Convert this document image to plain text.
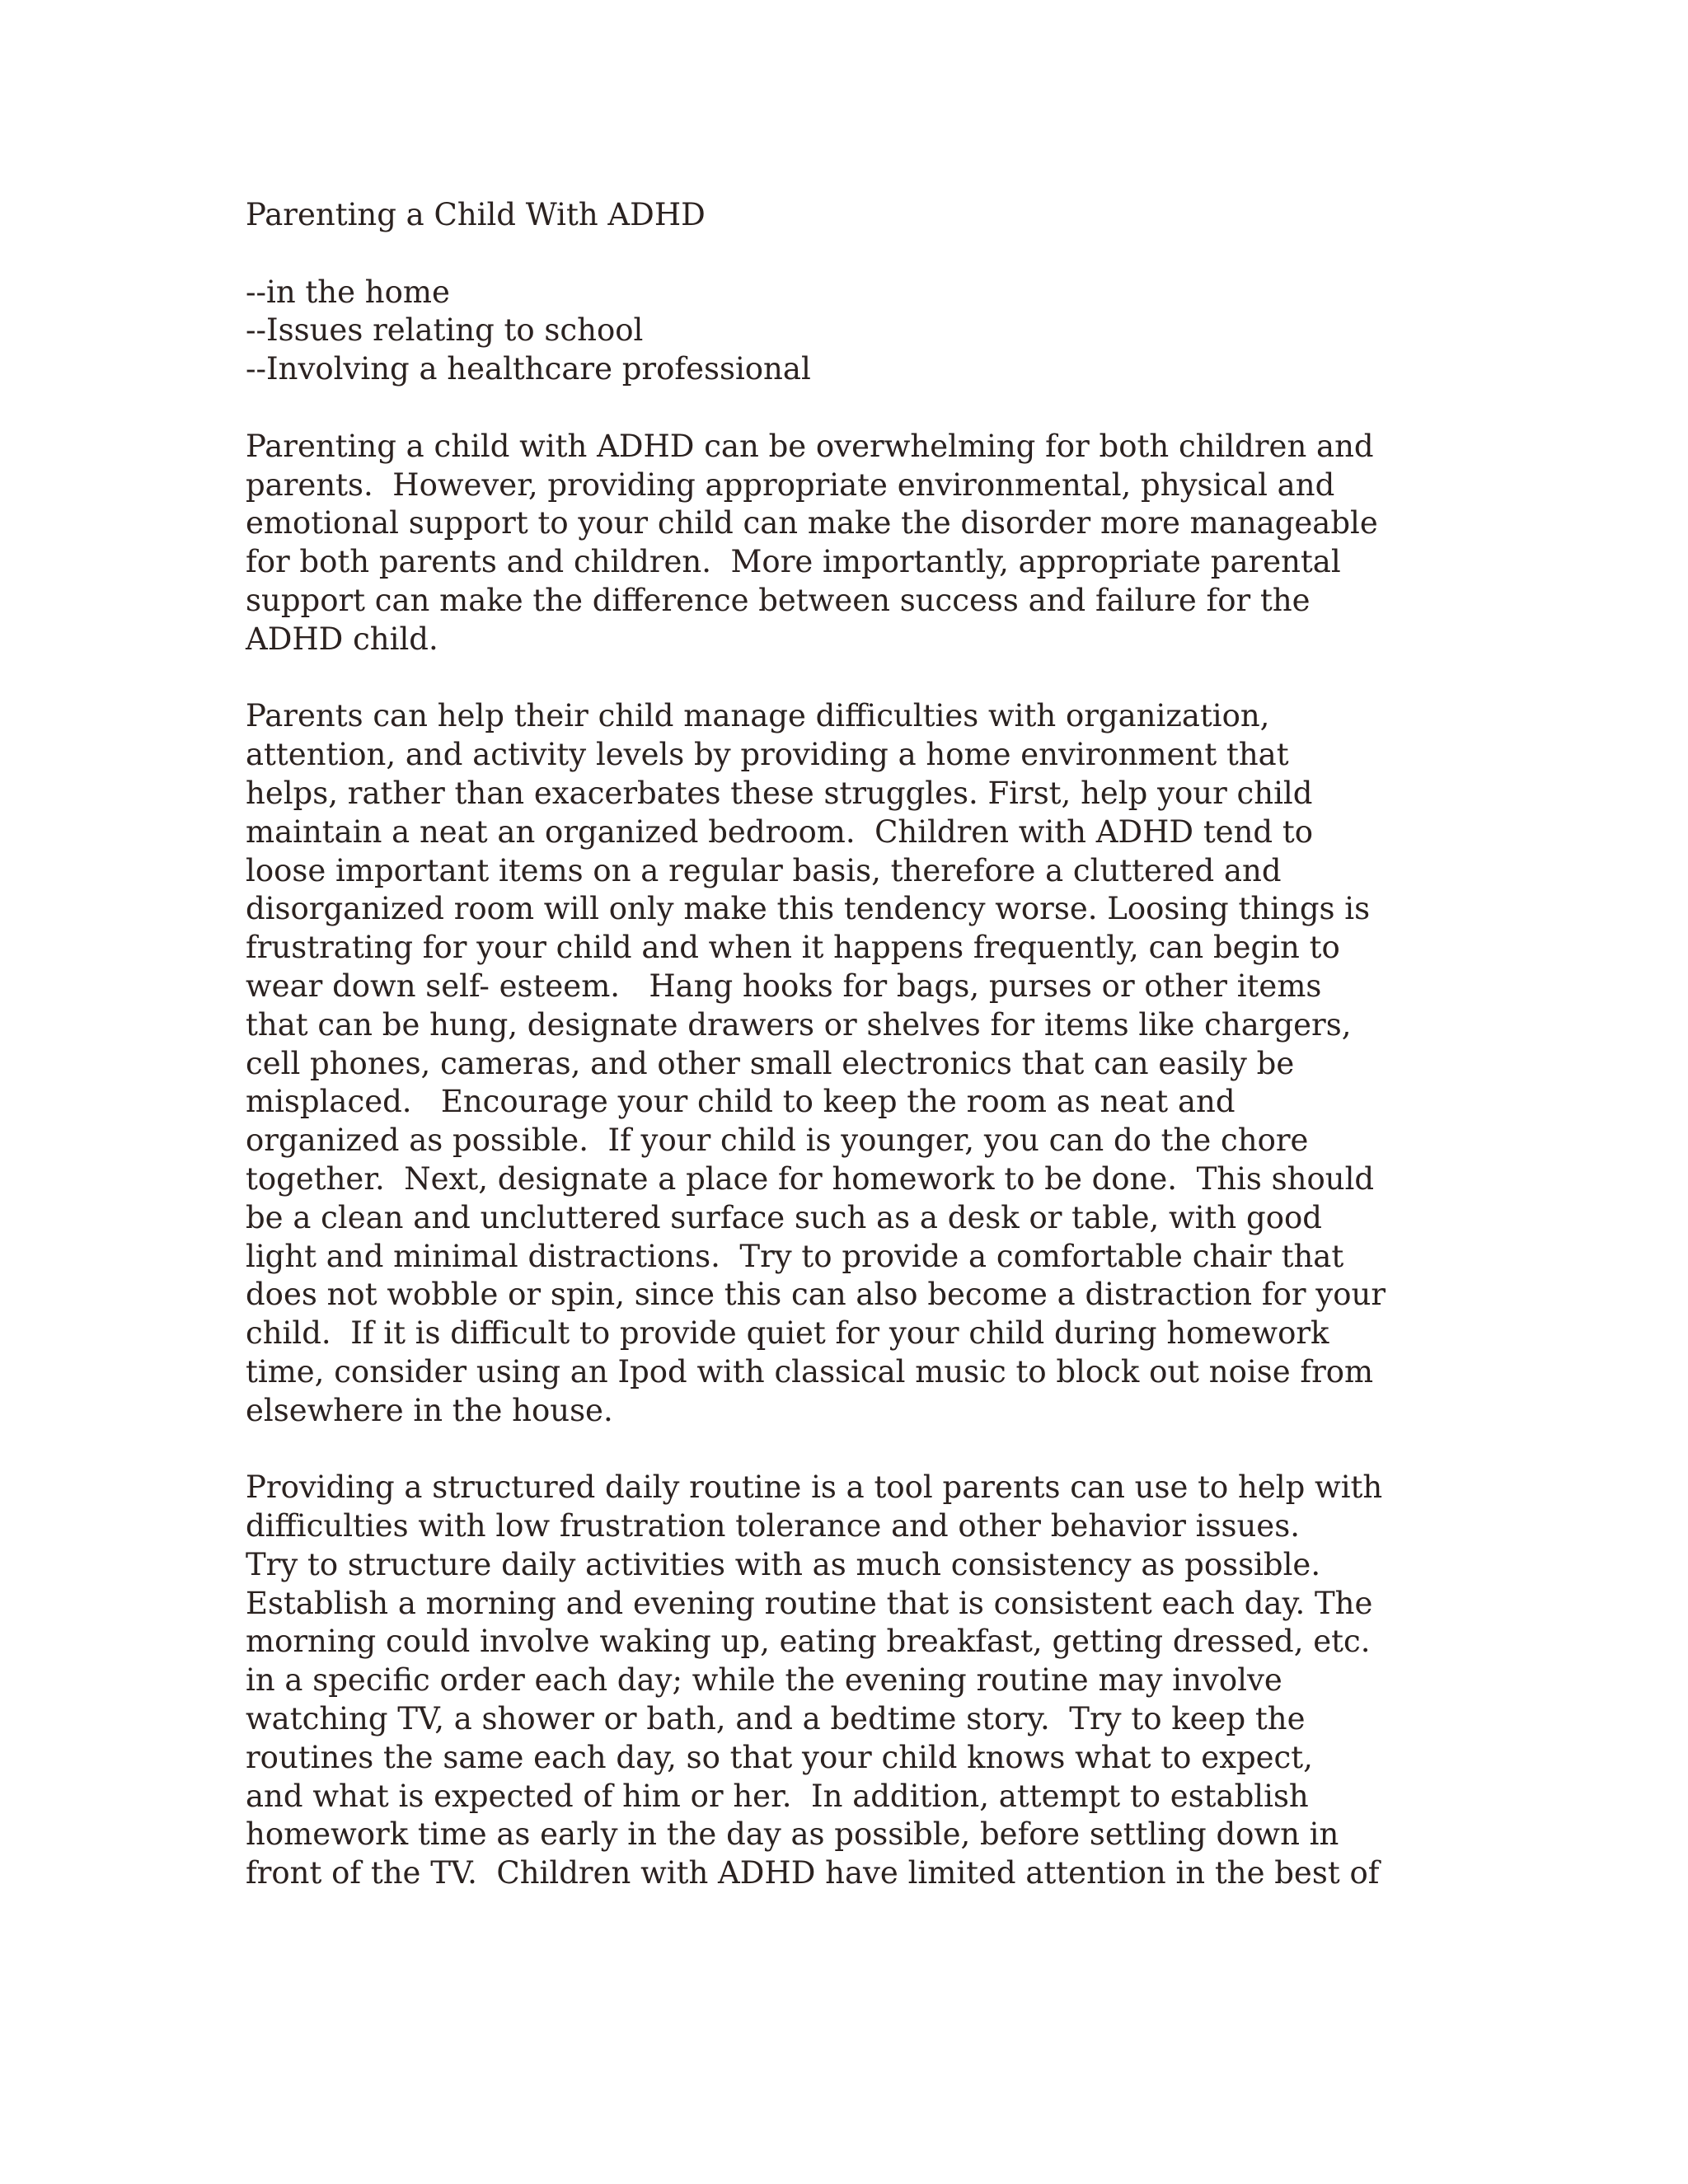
Parenting a Child With ADHD
--in the home
--Issues relating to school
--Involving a healthcare professional
Parenting a child with ADHD can be overwhelming for both children and
parents.  However, providing appropriate environmental, physical and
emotional support to your child can make the disorder more manageable
for both parents and children.  More importantly, appropriate parental
support can make the difference between success and failure for the
ADHD child.
Parents can help their child manage difficulties with organization,
attention, and activity levels by providing a home environment that
helps, rather than exacerbates these struggles. First, help your child
maintain a neat an organized bedroom.  Children with ADHD tend to
loose important items on a regular basis, therefore a cluttered and
disorganized room will only make this tendency worse. Loosing things is
frustrating for your child and when it happens frequently, can begin to
wear down self- esteem.   Hang hooks for bags, purses or other items
that can be hung, designate drawers or shelves for items like chargers,
cell phones, cameras, and other small electronics that can easily be
misplaced.   Encourage your child to keep the room as neat and
organized as possible.  If your child is younger, you can do the chore
together.  Next, designate a place for homework to be done.  This should
be a clean and uncluttered surface such as a desk or table, with good
light and minimal distractions.  Try to provide a comfortable chair that
does not wobble or spin, since this can also become a distraction for your
child.  If it is difficult to provide quiet for your child during homework
time, consider using an Ipod with classical music to block out noise from
elsewhere in the house.
Providing a structured daily routine is a tool parents can use to help with
difficulties with low frustration tolerance and other behavior issues.
Try to structure daily activities with as much consistency as possible.
Establish a morning and evening routine that is consistent each day. The
morning could involve waking up, eating breakfast, getting dressed, etc.
in a specific order each day; while the evening routine may involve
watching TV, a shower or bath, and a bedtime story.  Try to keep the
routines the same each day, so that your child knows what to expect,
and what is expected of him or her.  In addition, attempt to establish
homework time as early in the day as possible, before settling down in
front of the TV.  Children with ADHD have limited attention in the best of
